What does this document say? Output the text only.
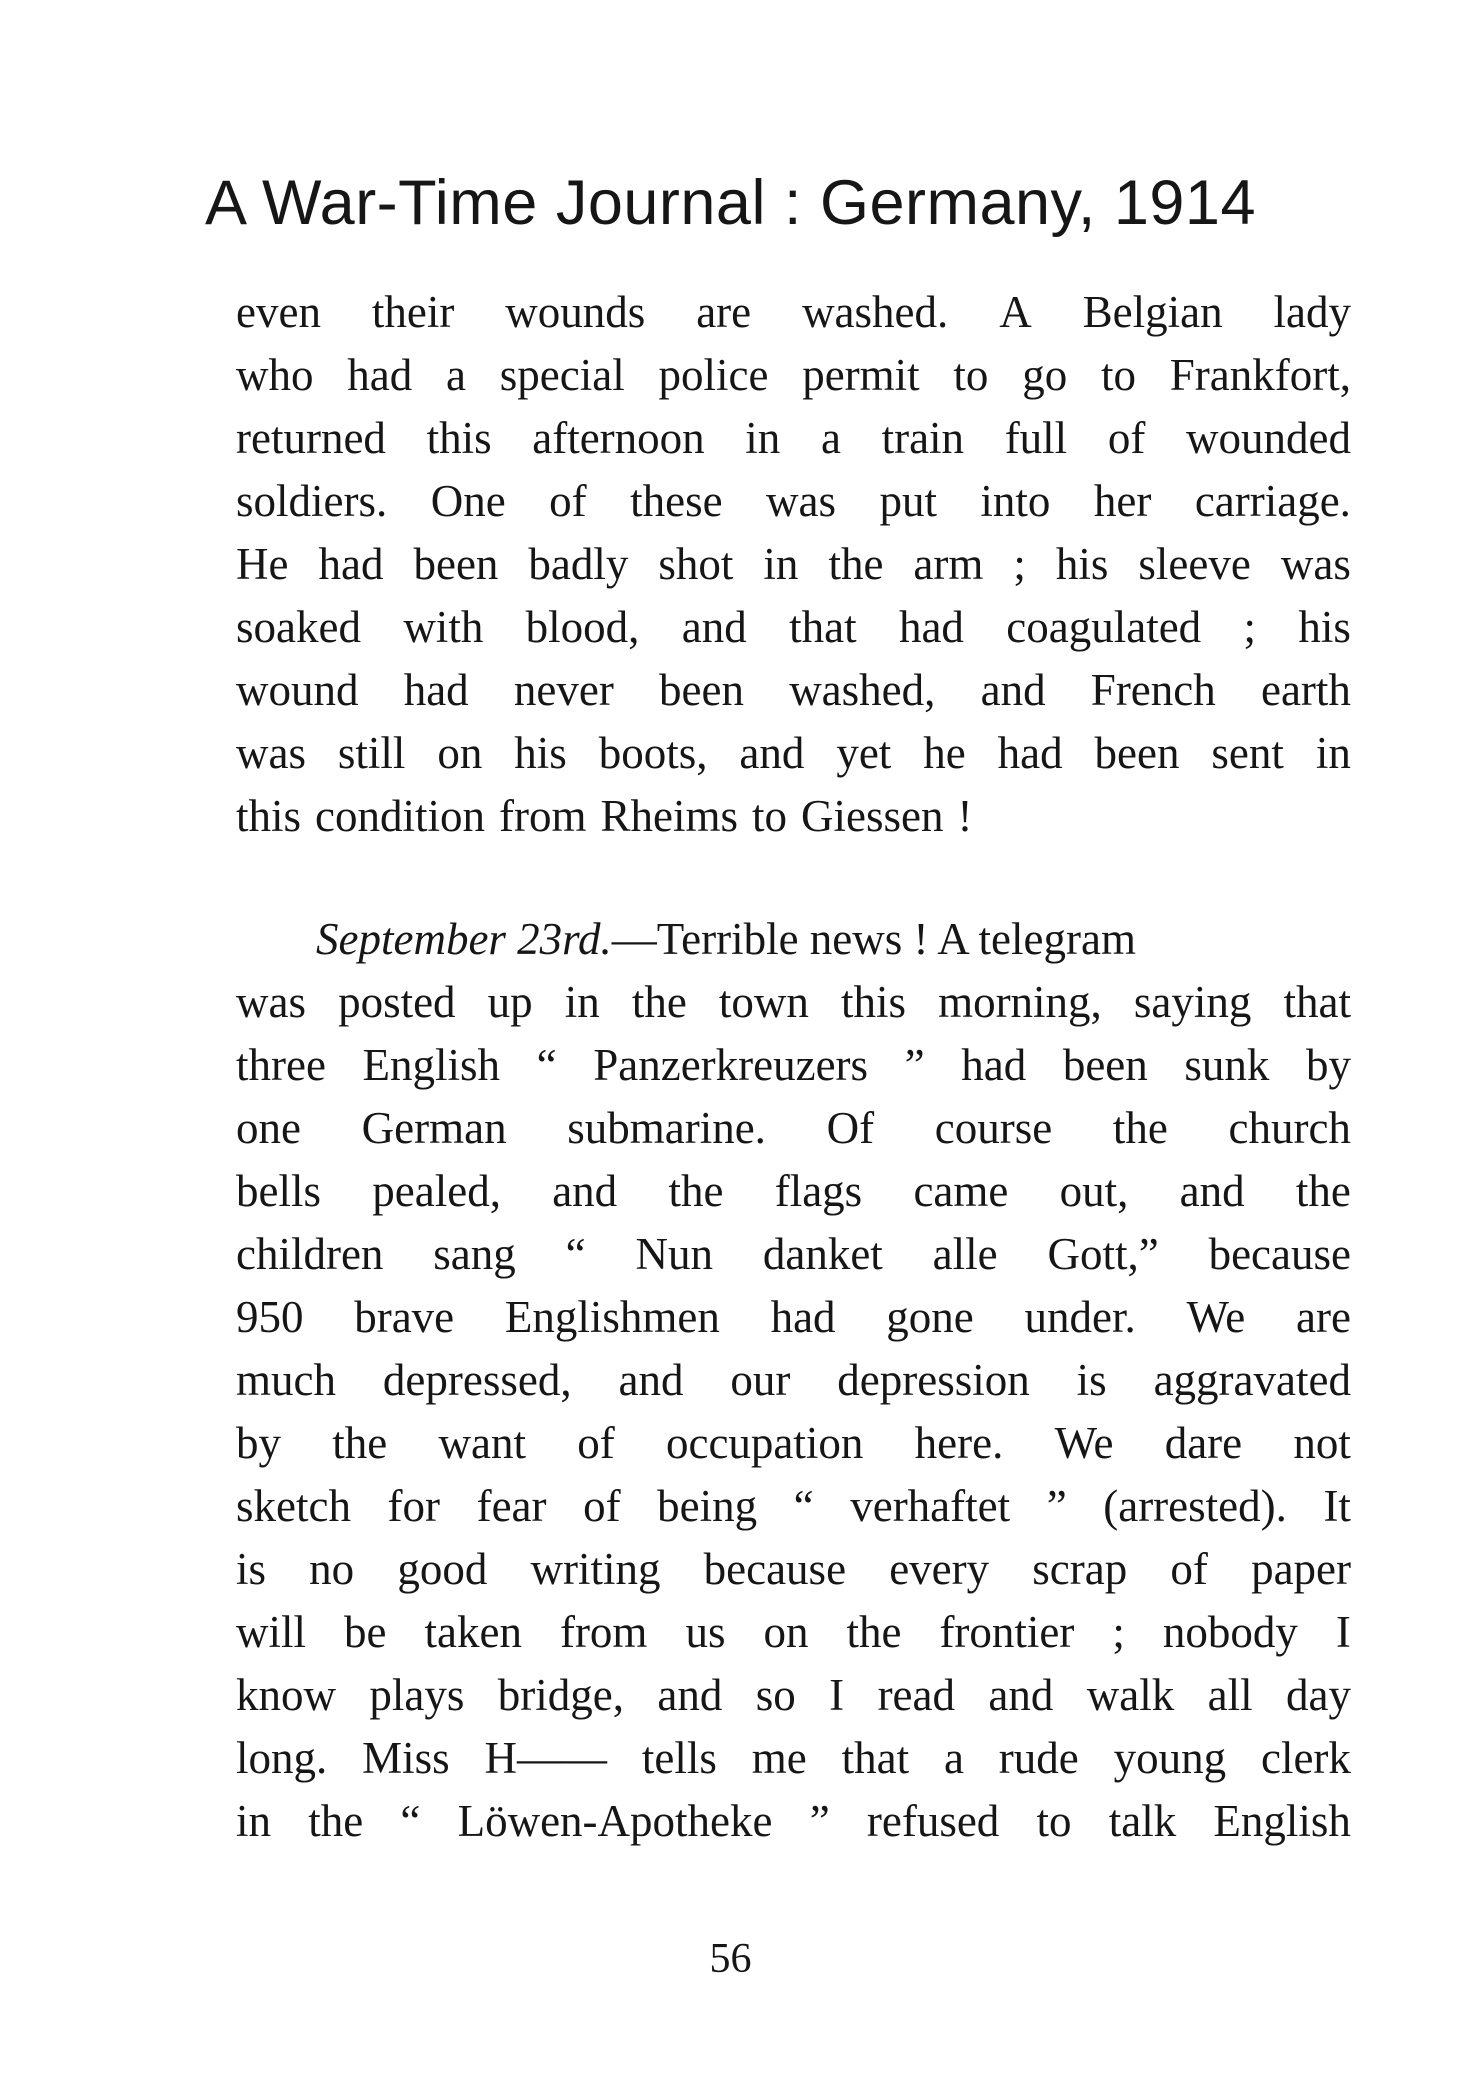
A War-Time Journal : Germany, 1914
even their wounds are washed. A Belgian lady
who had a special police permit to go to Frankfort,
returned this afternoon in a train full of wounded
soldiers. One of these was put into her carriage.
He had been badly shot in the arm ; his sleeve was
soaked with blood, and that had coagulated ; his
wound had never been washed, and French earth
was still on his boots, and yet he had been sent in
this condition from Rheims to Giessen !
September 23rd.—Terrible news ! A telegram
was posted up in the town this morning, saying that
three English “ Panzerkreuzers ” had been sunk by
one German submarine. Of course the church
bells pealed, and the flags came out, and the
children sang “ Nun danket alle Gott,” because
950 brave Englishmen had gone under. We are
much depressed, and our depression is aggravated
by the want of occupation here. We dare not
sketch for fear of being “ verhaftet ” (arrested). It
is no good writing because every scrap of paper
will be taken from us on the frontier ; nobody I
know plays bridge, and so I read and walk all day
long. Miss H—— tells me that a rude young clerk
in the “ Löwen-Apotheke ” refused to talk English
56
